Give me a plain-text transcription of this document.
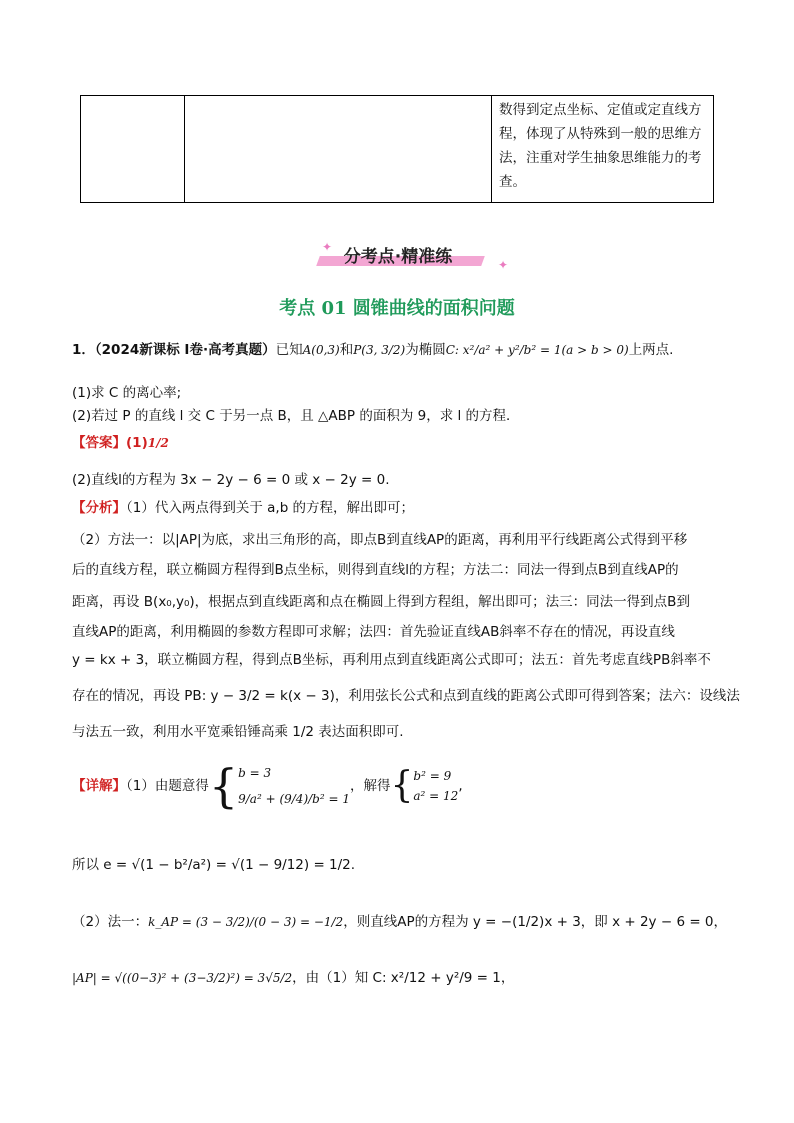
数得到定点坐标、定值或定直线方程，体现了从特殊到一般的思维方法，注重对学生抽象思维能力的考查。
✦
✦
分考点·精准练
考点 01 圆锥曲线的面积问题
1．（2024新课标 I卷·高考真题）已知A(0,3)和P(3, 3/2)为椭圆C: x²/a² + y²/b² = 1(a > b > 0)上两点.
(1)求 C 的离心率;
(2)若过 P 的直线 l 交 C 于另一点 B，且 △ABP 的面积为 9，求 l 的方程．
【答案】(1)1/2
(2)直线l的方程为 3x − 2y − 6 = 0 或 x − 2y = 0.
【分析】（1）代入两点得到关于 a,b 的方程，解出即可；
（2）方法一：以|AP|为底，求出三角形的高，即点B到直线AP的距离，再利用平行线距离公式得到平移
后的直线方程，联立椭圆方程得到B点坐标，则得到直线l的方程；方法二：同法一得到点B到直线AP的
距离，再设 B(x₀,y₀)，根据点到直线距离和点在椭圆上得到方程组，解出即可；法三：同法一得到点B到
直线AP的距离，利用椭圆的参数方程即可求解；法四：首先验证直线AB斜率不存在的情况，再设直线
y = kx + 3，联立椭圆方程，得到点B坐标，再利用点到直线距离公式即可；法五：首先考虑直线PB斜率不
存在的情况，再设 PB: y − 3/2 = k(x − 3)，利用弦长公式和点到直线的距离公式即可得到答案；法六：设线法
与法五一致，利用水平宽乘铅锤高乘 1/2 表达面积即可.
【详解】（1）由题意得{ b = 3
9/a² + (9/4)/b² = 1
，解得{ b² = 9
a² = 12
,
所以 e = √(1 − b²/a²) = √(1 − 9/12) = 1/2.
（2）法一：k_AP = (3 − 3/2)/(0 − 3) = −1/2，则直线AP的方程为 y = −(1/2)x + 3，即 x + 2y − 6 = 0，
|AP| = √((0−3)² + (3−3/2)²) = 3√5/2，由（1）知 C: x²/12 + y²/9 = 1，
